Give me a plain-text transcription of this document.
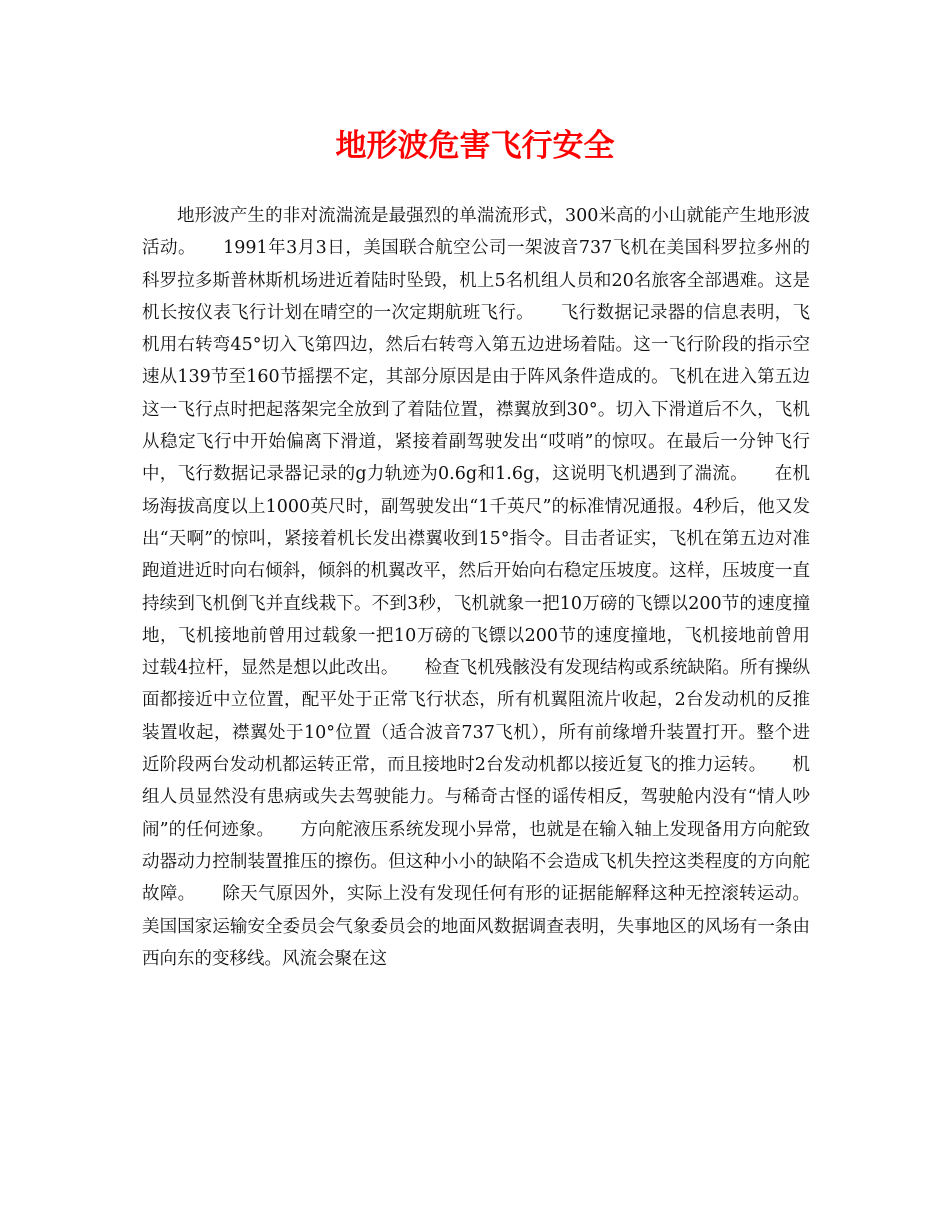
地形波危害飞行安全

地形波产生的非对流湍流是最强烈的单湍流形式，300米高的小山就能产生地形波活动。　　1991年3月3日，美国联合航空公司一架波音737飞机在美国科罗拉多州的科罗拉多斯普林斯机场进近着陆时坠毁，机上5名机组人员和20名旅客全部遇难。这是机长按仪表飞行计划在晴空的一次定期航班飞行。　　飞行数据记录器的信息表明，飞机用右转弯45°切入飞第四边，然后右转弯入第五边进场着陆。这一飞行阶段的指示空速从139节至160节摇摆不定，其部分原因是由于阵风条件造成的。飞机在进入第五边这一飞行点时把起落架完全放到了着陆位置，襟翼放到30°。切入下滑道后不久，飞机从稳定飞行中开始偏离下滑道，紧接着副驾驶发出“哎哨”的惊叹。在最后一分钟飞行中，飞行数据记录器记录的g力轨迹为0.6g和1.6g，这说明飞机遇到了湍流。　　在机场海拔高度以上1000英尺时，副驾驶发出“1千英尺”的标准情况通报。4秒后，他又发出“天啊”的惊叫，紧接着机长发出襟翼收到15°指令。目击者证实，飞机在第五边对准跑道进近时向右倾斜，倾斜的机翼改平，然后开始向右稳定压坡度。这样，压坡度一直持续到飞机倒飞并直线栽下。不到3秒，飞机就象一把10万磅的飞镖以200节的速度撞地，飞机接地前曾用过载象一把10万磅的飞镖以200节的速度撞地，飞机接地前曾用过载4拉杆，显然是想以此改出。　　检查飞机残骸没有发现结构或系统缺陷。所有操纵面都接近中立位置，配平处于正常飞行状态，所有机翼阻流片收起，2台发动机的反推装置收起，襟翼处于10°位置（适合波音737飞机），所有前缘增升装置打开。整个进近阶段两台发动机都运转正常，而且接地时2台发动机都以接近复飞的推力运转。　　机组人员显然没有患病或失去驾驶能力。与稀奇古怪的谣传相反，驾驶舱内没有“情人吵闹”的任何迹象。　　方向舵液压系统发现小异常，也就是在输入轴上发现备用方向舵致动器动力控制装置推压的擦伤。但这种小小的缺陷不会造成飞机失控这类程度的方向舵故障。　　除天气原因外，实际上没有发现任何有形的证据能解释这种无控滚转运动。美国国家运输安全委员会气象委员会的地面风数据调查表明，失事地区的风场有一条由西向东的变移线。风流会聚在这
